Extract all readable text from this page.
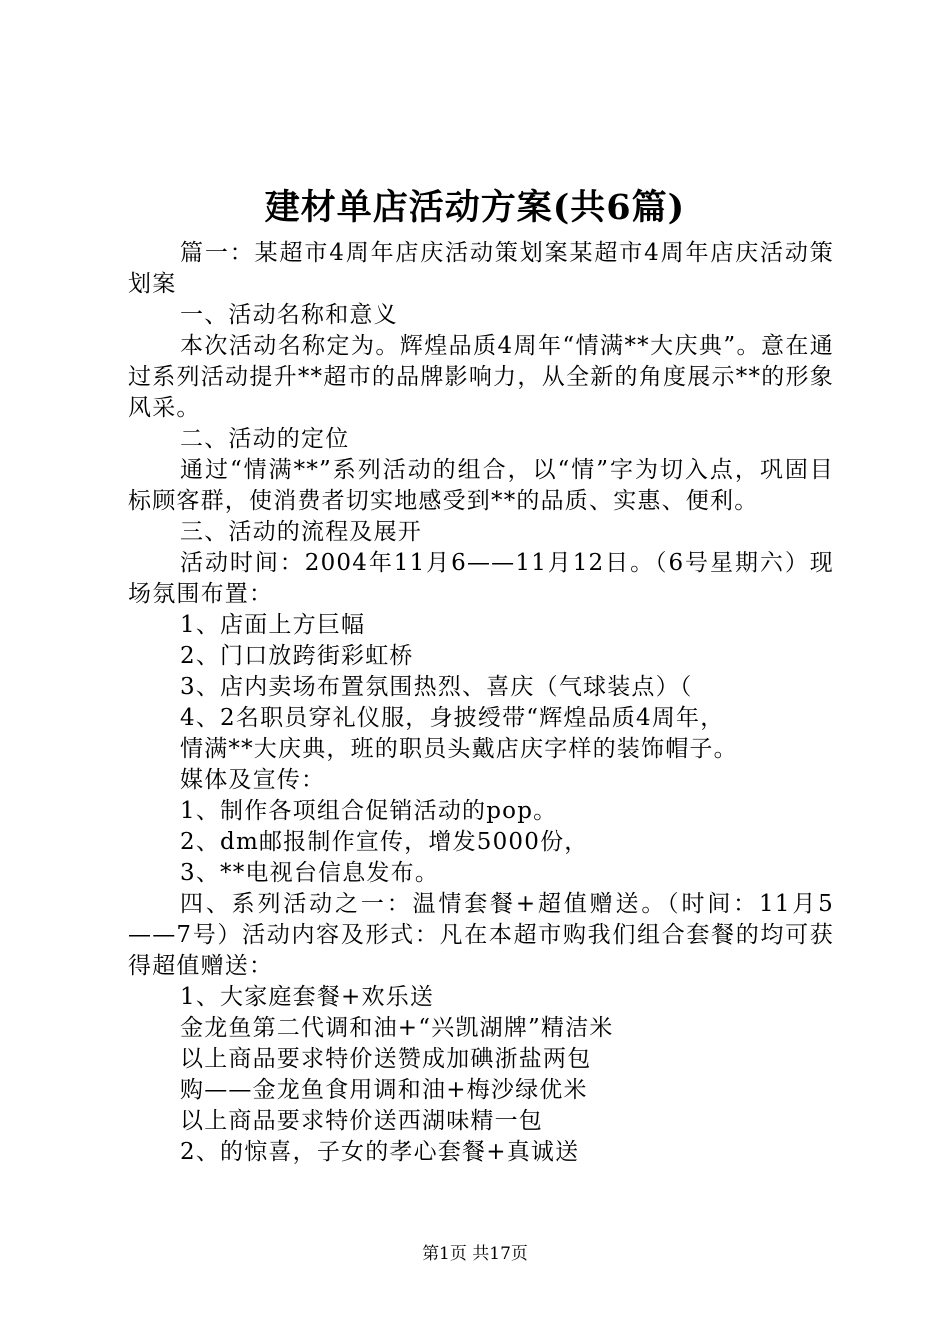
建材单店活动方案(共6篇)

篇一：某超市4周年店庆活动策划案某超市4周年店庆活动策划案

一、活动名称和意义

本次活动名称定为。辉煌品质4周年“情满**大庆典”。意在通过系列活动提升**超市的品牌影响力，从全新的角度展示**的形象风采。

二、活动的定位

通过“情满**”系列活动的组合，以“情”字为切入点，巩固目标顾客群，使消费者切实地感受到**的品质、实惠、便利。

三、活动的流程及展开

活动时间：2004年11月6——11月12日。（6号星期六）现场氛围布置：

1、店面上方巨幅

2、门口放跨街彩虹桥

3、店内卖场布置氛围热烈、喜庆（气球装点）（

4、2名职员穿礼仪服，身披绶带“辉煌品质4周年，

情满**大庆典，班的职员头戴店庆字样的装饰帽子。

媒体及宣传：

1、制作各项组合促销活动的pop。

2、dm邮报制作宣传，增发5000份，

3、**电视台信息发布。

四、系列活动之一：温情套餐+超值赠送。（时间：11月5——7号）活动内容及形式：凡在本超市购我们组合套餐的均可获得超值赠送：

1、大家庭套餐+欢乐送

金龙鱼第二代调和油+“兴凯湖牌”精洁米

以上商品要求特价送赞成加碘浙盐两包

购——金龙鱼食用调和油+梅沙绿优米

以上商品要求特价送西湖味精一包

2、的惊喜，子女的孝心套餐+真诚送

第1页 共17页
